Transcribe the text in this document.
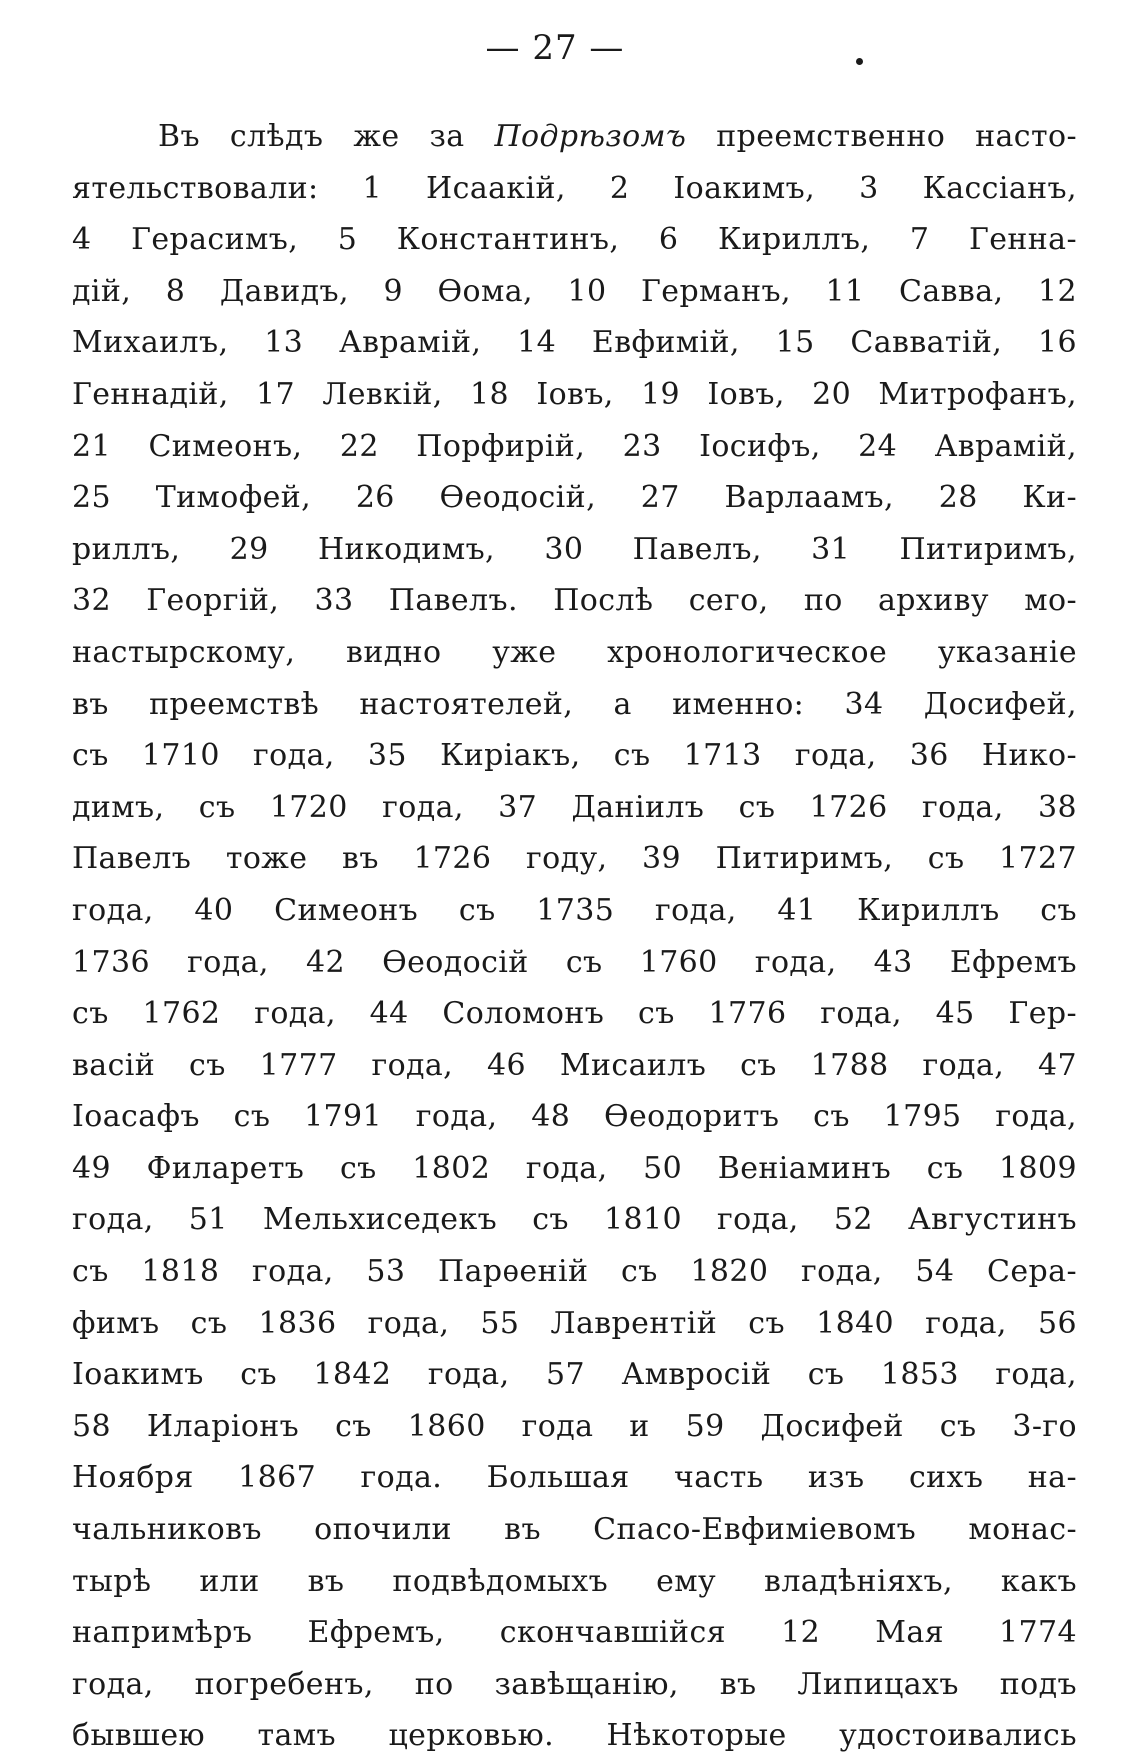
— 27 —

Въ слѣдъ же за Подрѣзомъ преемственно насто-
ятельствовали: 1 Исаакій, 2 Іоакимъ, 3 Кассіанъ,
4 Герасимъ, 5 Константинъ, 6 Кириллъ, 7 Генна-
дій, 8 Давидъ, 9 Ѳома, 10 Германъ, 11 Савва, 12
Михаилъ, 13 Аврамій, 14 Евфимій, 15 Савватій, 16
Геннадій, 17 Левкій, 18 Іовъ, 19 Іовъ, 20 Митрофанъ,
21 Симеонъ, 22 Порфирій, 23 Іосифъ, 24 Аврамій,
25 Тимофей, 26 Ѳеодосій, 27 Варлаамъ, 28 Ки-
риллъ, 29 Никодимъ, 30 Павелъ, 31 Питиримъ,
32 Георгій, 33 Павелъ. Послѣ сего, по архиву мо-
настырскому, видно уже хронологическое указаніе
въ преемствѣ настоятелей, а именно: 34 Досифей,
съ 1710 года, 35 Киріакъ, съ 1713 года, 36 Нико-
димъ, съ 1720 года, 37 Даніилъ съ 1726 года, 38
Павелъ тоже въ 1726 году, 39 Питиримъ, съ 1727
года, 40 Симеонъ съ 1735 года, 41 Кириллъ съ
1736 года, 42 Ѳеодосій съ 1760 года, 43 Ефремъ
съ 1762 года, 44 Соломонъ съ 1776 года, 45 Гер-
васій съ 1777 года, 46 Мисаилъ съ 1788 года, 47
Іоасафъ съ 1791 года, 48 Ѳеодоритъ съ 1795 года,
49 Филаретъ съ 1802 года, 50 Веніаминъ съ 1809
года, 51 Мельхиседекъ съ 1810 года, 52 Августинъ
съ 1818 года, 53 Парѳеній съ 1820 года, 54 Сера-
фимъ съ 1836 года, 55 Лаврентій съ 1840 года, 56
Іоакимъ съ 1842 года, 57 Амвросій съ 1853 года,
58 Иларіонъ съ 1860 года и 59 Досифей съ 3-го
Ноября 1867 года. Большая часть изъ сихъ на-
чальниковъ опочили въ Спасо-Евфиміевомъ монас-
тырѣ или въ подвѣдомыхъ ему владѣніяхъ, какъ
напримѣръ Ефремъ, скончавшійся 12 Мая 1774
года, погребенъ, по завѣщанію, въ Липицахъ подъ
бывшею тамъ церковью. Нѣкоторые удостоивались
